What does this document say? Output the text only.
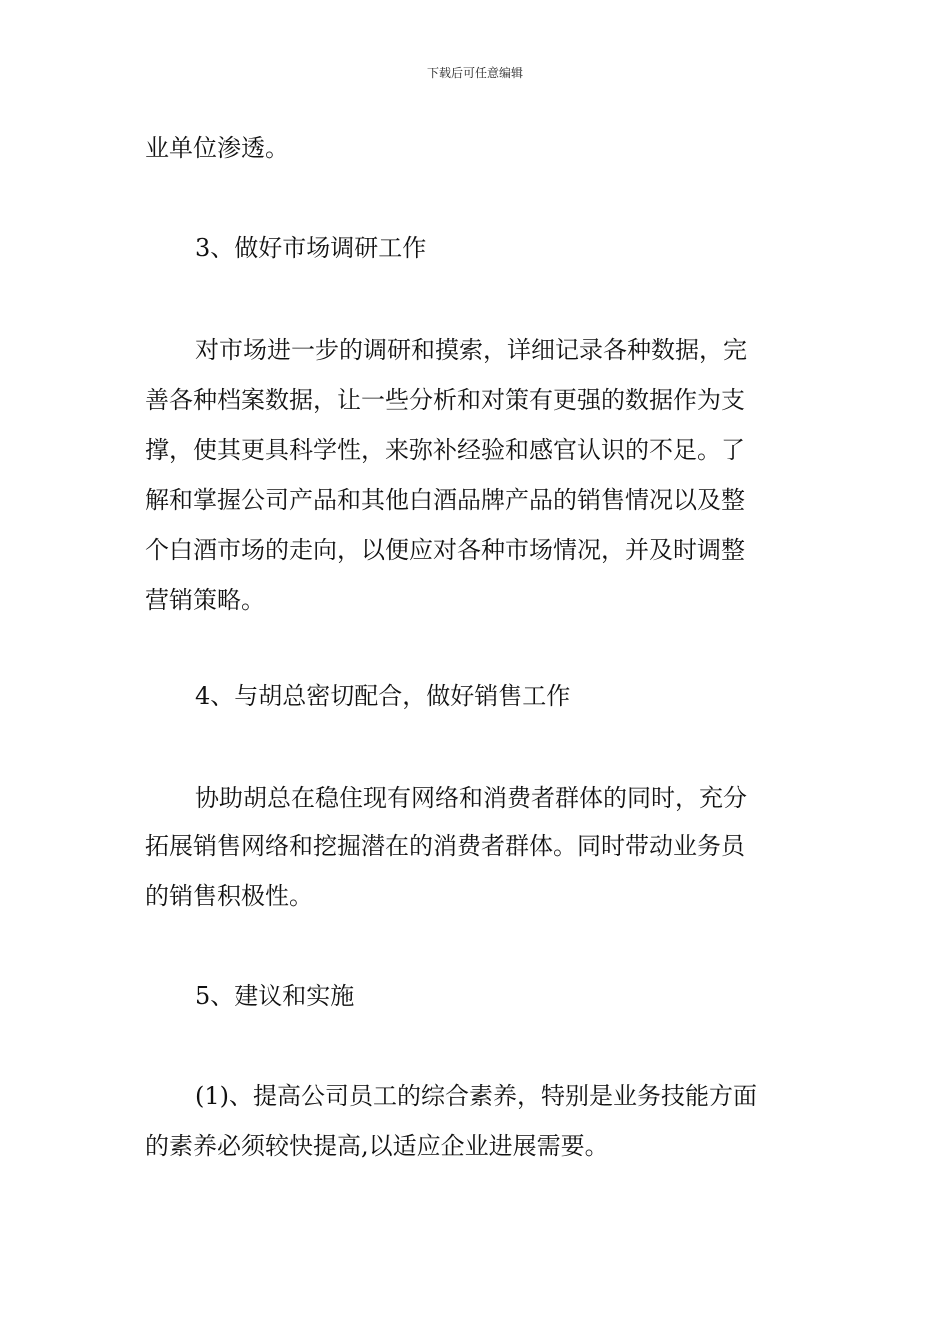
下载后可任意编辑

业单位渗透。

3、做好市场调研工作

对市场进一步的调研和摸索，详细记录各种数据，完

善各种档案数据，让一些分析和对策有更强的数据作为支

撑，使其更具科学性，来弥补经验和感官认识的不足。了

解和掌握公司产品和其他白酒品牌产品的销售情况以及整

个白酒市场的走向，以便应对各种市场情况，并及时调整

营销策略。

4、与胡总密切配合，做好销售工作

协助胡总在稳住现有网络和消费者群体的同时，充分

拓展销售网络和挖掘潜在的消费者群体。同时带动业务员

的销售积极性。

5、建议和实施

(1)、提高公司员工的综合素养，特别是业务技能方面

的素养必须较快提高,以适应企业进展需要。
